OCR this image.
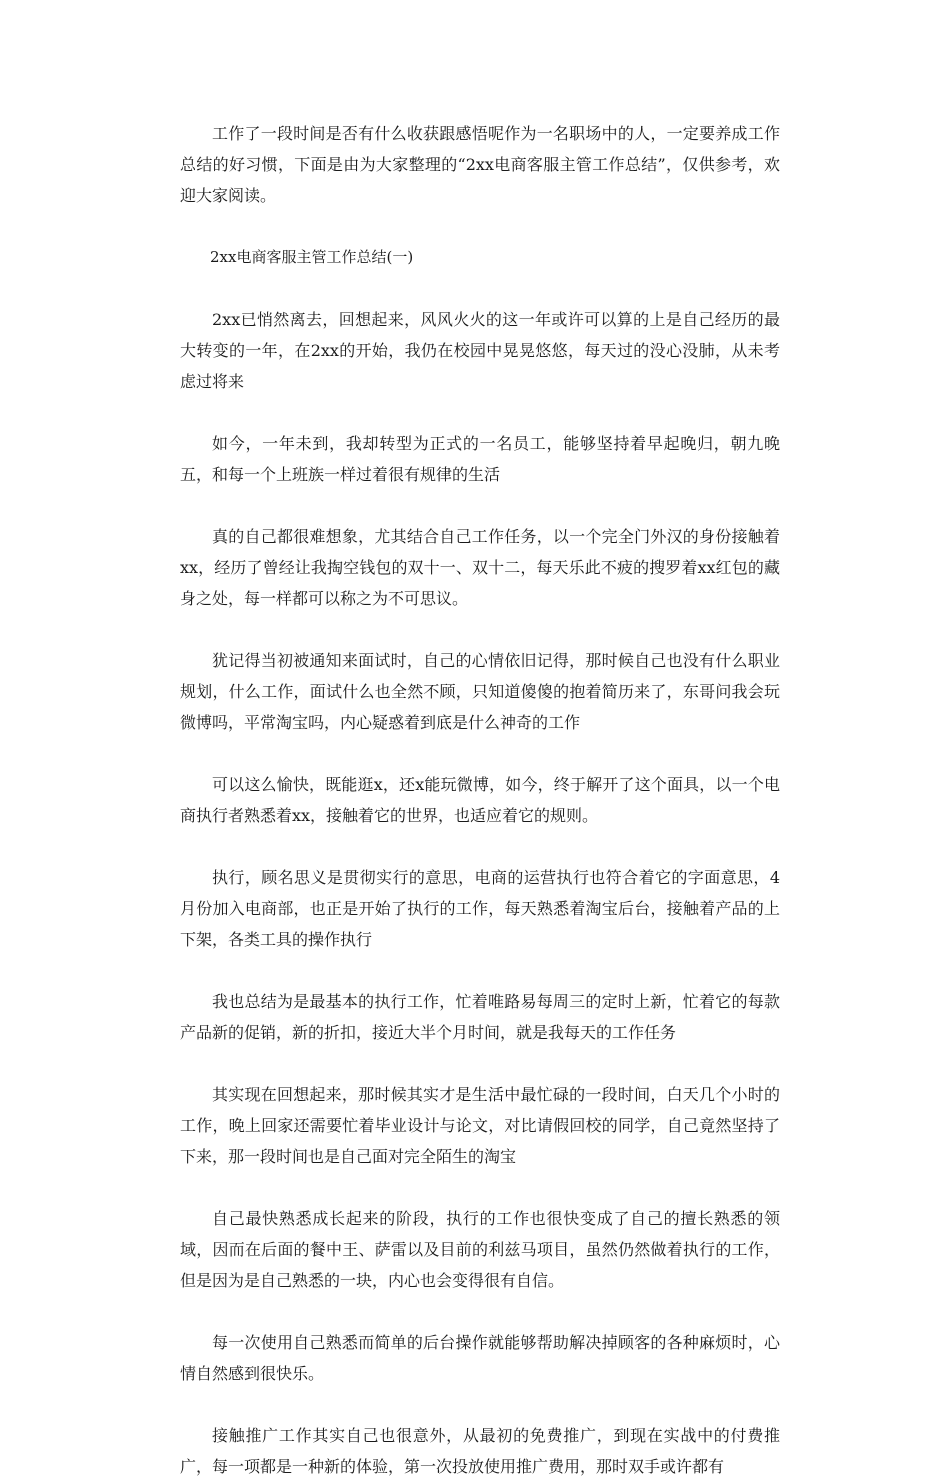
工作了一段时间是否有什么收获跟感悟呢作为一名职场中的人，一定要养成工作总结的好习惯，下面是由为大家整理的“2xx电商客服主管工作总结”，仅供参考，欢迎大家阅读。

2xx电商客服主管工作总结(一)

2xx已悄然离去，回想起来，风风火火的这一年或许可以算的上是自己经历的最大转变的一年，在2xx的开始，我仍在校园中晃晃悠悠，每天过的没心没肺，从未考虑过将来

如今，一年未到，我却转型为正式的一名员工，能够坚持着早起晚归，朝九晚五，和每一个上班族一样过着很有规律的生活

真的自己都很难想象，尤其结合自己工作任务，以一个完全门外汉的身份接触着xx，经历了曾经让我掏空钱包的双十一、双十二，每天乐此不疲的搜罗着xx红包的藏身之处，每一样都可以称之为不可思议。

犹记得当初被通知来面试时，自己的心情依旧记得，那时候自己也没有什么职业规划，什么工作，面试什么也全然不顾，只知道傻傻的抱着简历来了，东哥问我会玩微博吗，平常淘宝吗，内心疑惑着到底是什么神奇的工作

可以这么愉快，既能逛x，还x能玩微博，如今，终于解开了这个面具，以一个电商执行者熟悉着xx，接触着它的世界，也适应着它的规则。

执行，顾名思义是贯彻实行的意思，电商的运营执行也符合着它的字面意思，4月份加入电商部，也正是开始了执行的工作，每天熟悉着淘宝后台，接触着产品的上下架，各类工具的操作执行

我也总结为是最基本的执行工作，忙着唯路易每周三的定时上新，忙着它的每款产品新的促销，新的折扣，接近大半个月时间，就是我每天的工作任务

其实现在回想起来，那时候其实才是生活中最忙碌的一段时间，白天几个小时的工作，晚上回家还需要忙着毕业设计与论文，对比请假回校的同学，自己竟然坚持了下来，那一段时间也是自己面对完全陌生的淘宝

自己最快熟悉成长起来的阶段，执行的工作也很快变成了自己的擅长熟悉的领域，因而在后面的餐中王、萨雷以及目前的利兹马项目，虽然仍然做着执行的工作，但是因为是自己熟悉的一块，内心也会变得很有自信。

每一次使用自己熟悉而简单的后台操作就能够帮助解决掉顾客的各种麻烦时，心情自然感到很快乐。

接触推广工作其实自己也很意外，从最初的免费推广，到现在实战中的付费推广，每一项都是一种新的体验，第一次投放使用推广费用，那时双手或许都有
